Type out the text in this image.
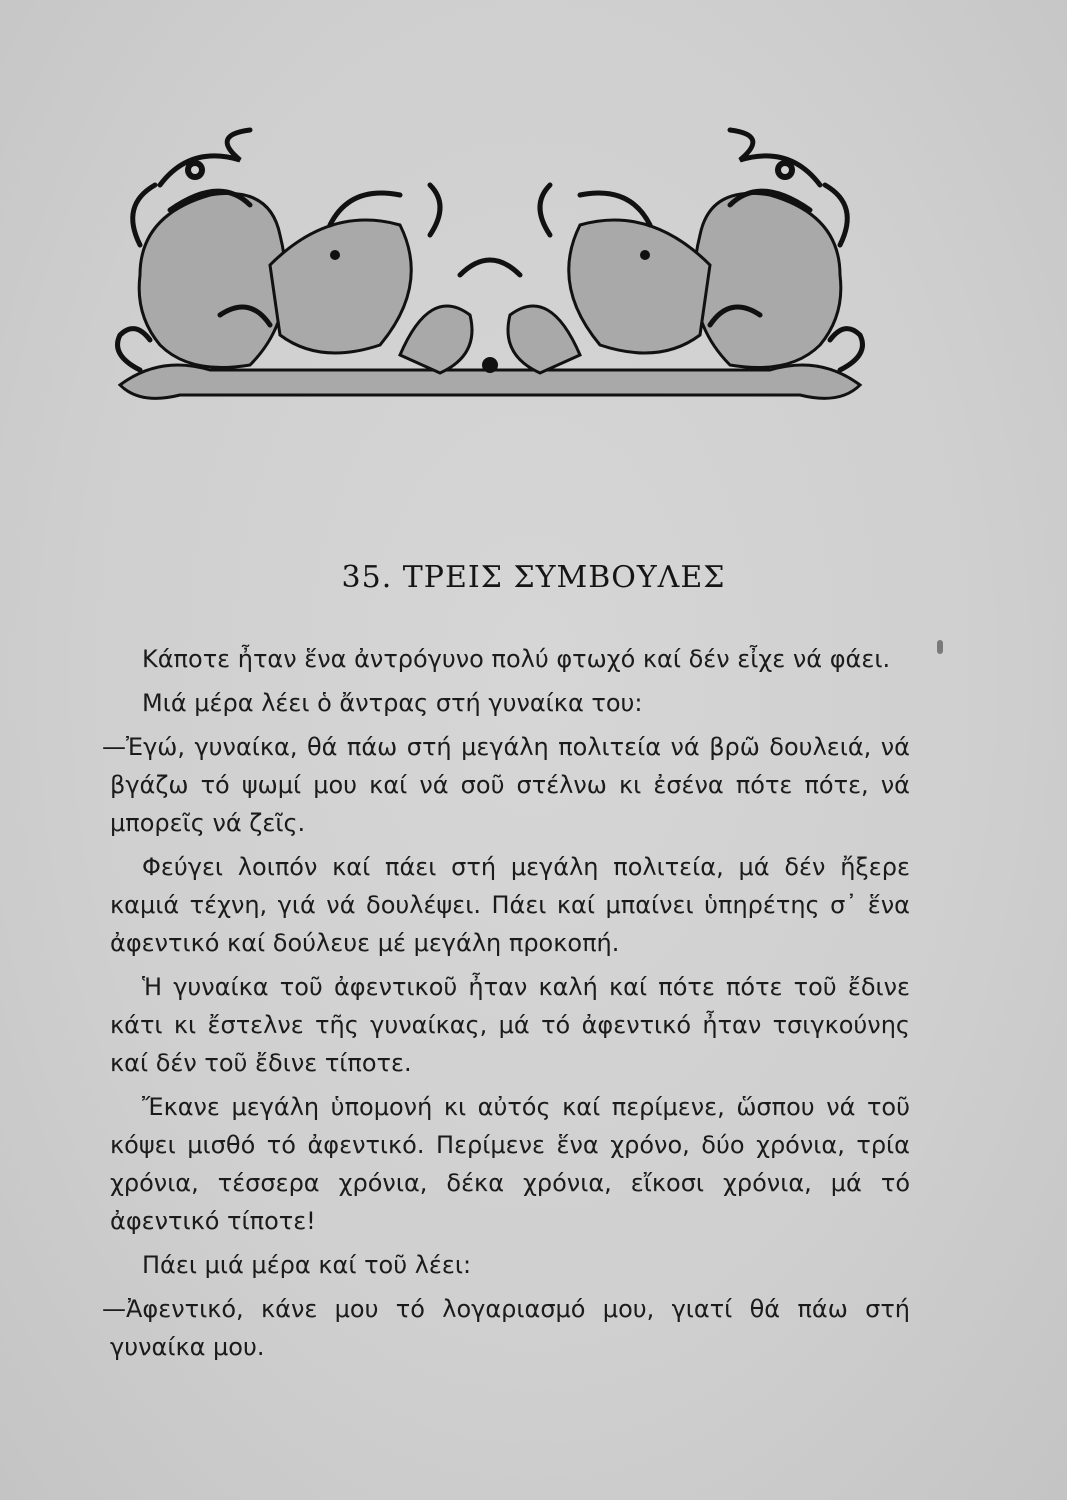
35. ΤΡΕΙΣ ΣΥΜΒΟΥΛΕΣ

Κάποτε ἦταν ἕνα ἀντρόγυνο πολύ φτωχό καί δέν εἶχε νά φάει.

Μιά μέρα λέει ὁ ἄντρας στή γυναίκα του:

—Ἐγώ, γυναίκα, θά πάω στή μεγάλη πολιτεία νά βρῶ δουλειά, νά βγάζω τό ψωμί μου καί νά σοῦ στέλνω κι ἐσένα πότε πότε, νά μπορεῖς νά ζεῖς.

Φεύγει λοιπόν καί πάει στή μεγάλη πολιτεία, μά δέν ἤξερε καμιά τέχνη, γιά νά δουλέψει. Πάει καί μπαίνει ὑπηρέτης σ᾽ ἕνα ἀφεντικό καί δούλευε μέ μεγάλη προκοπή.

Ἡ γυναίκα τοῦ ἀφεντικοῦ ἦταν καλή καί πότε πότε τοῦ ἔδινε κάτι κι ἔστελνε τῆς γυναίκας, μά τό ἀφεντικό ἦταν τσιγκούνης καί δέν τοῦ ἔδινε τίποτε.

Ἔκανε μεγάλη ὑπομονή κι αὐτός καί περίμενε, ὥσπου νά τοῦ κόψει μισθό τό ἀφεντικό. Περίμενε ἕνα χρόνο, δύο χρόνια, τρία χρόνια, τέσσερα χρόνια, δέκα χρόνια, εἴκοσι χρόνια, μά τό ἀφεντικό τίποτε!

Πάει μιά μέρα καί τοῦ λέει:

—Ἀφεντικό, κάνε μου τό λογαριασμό μου, γιατί θά πάω στή γυναίκα μου.
